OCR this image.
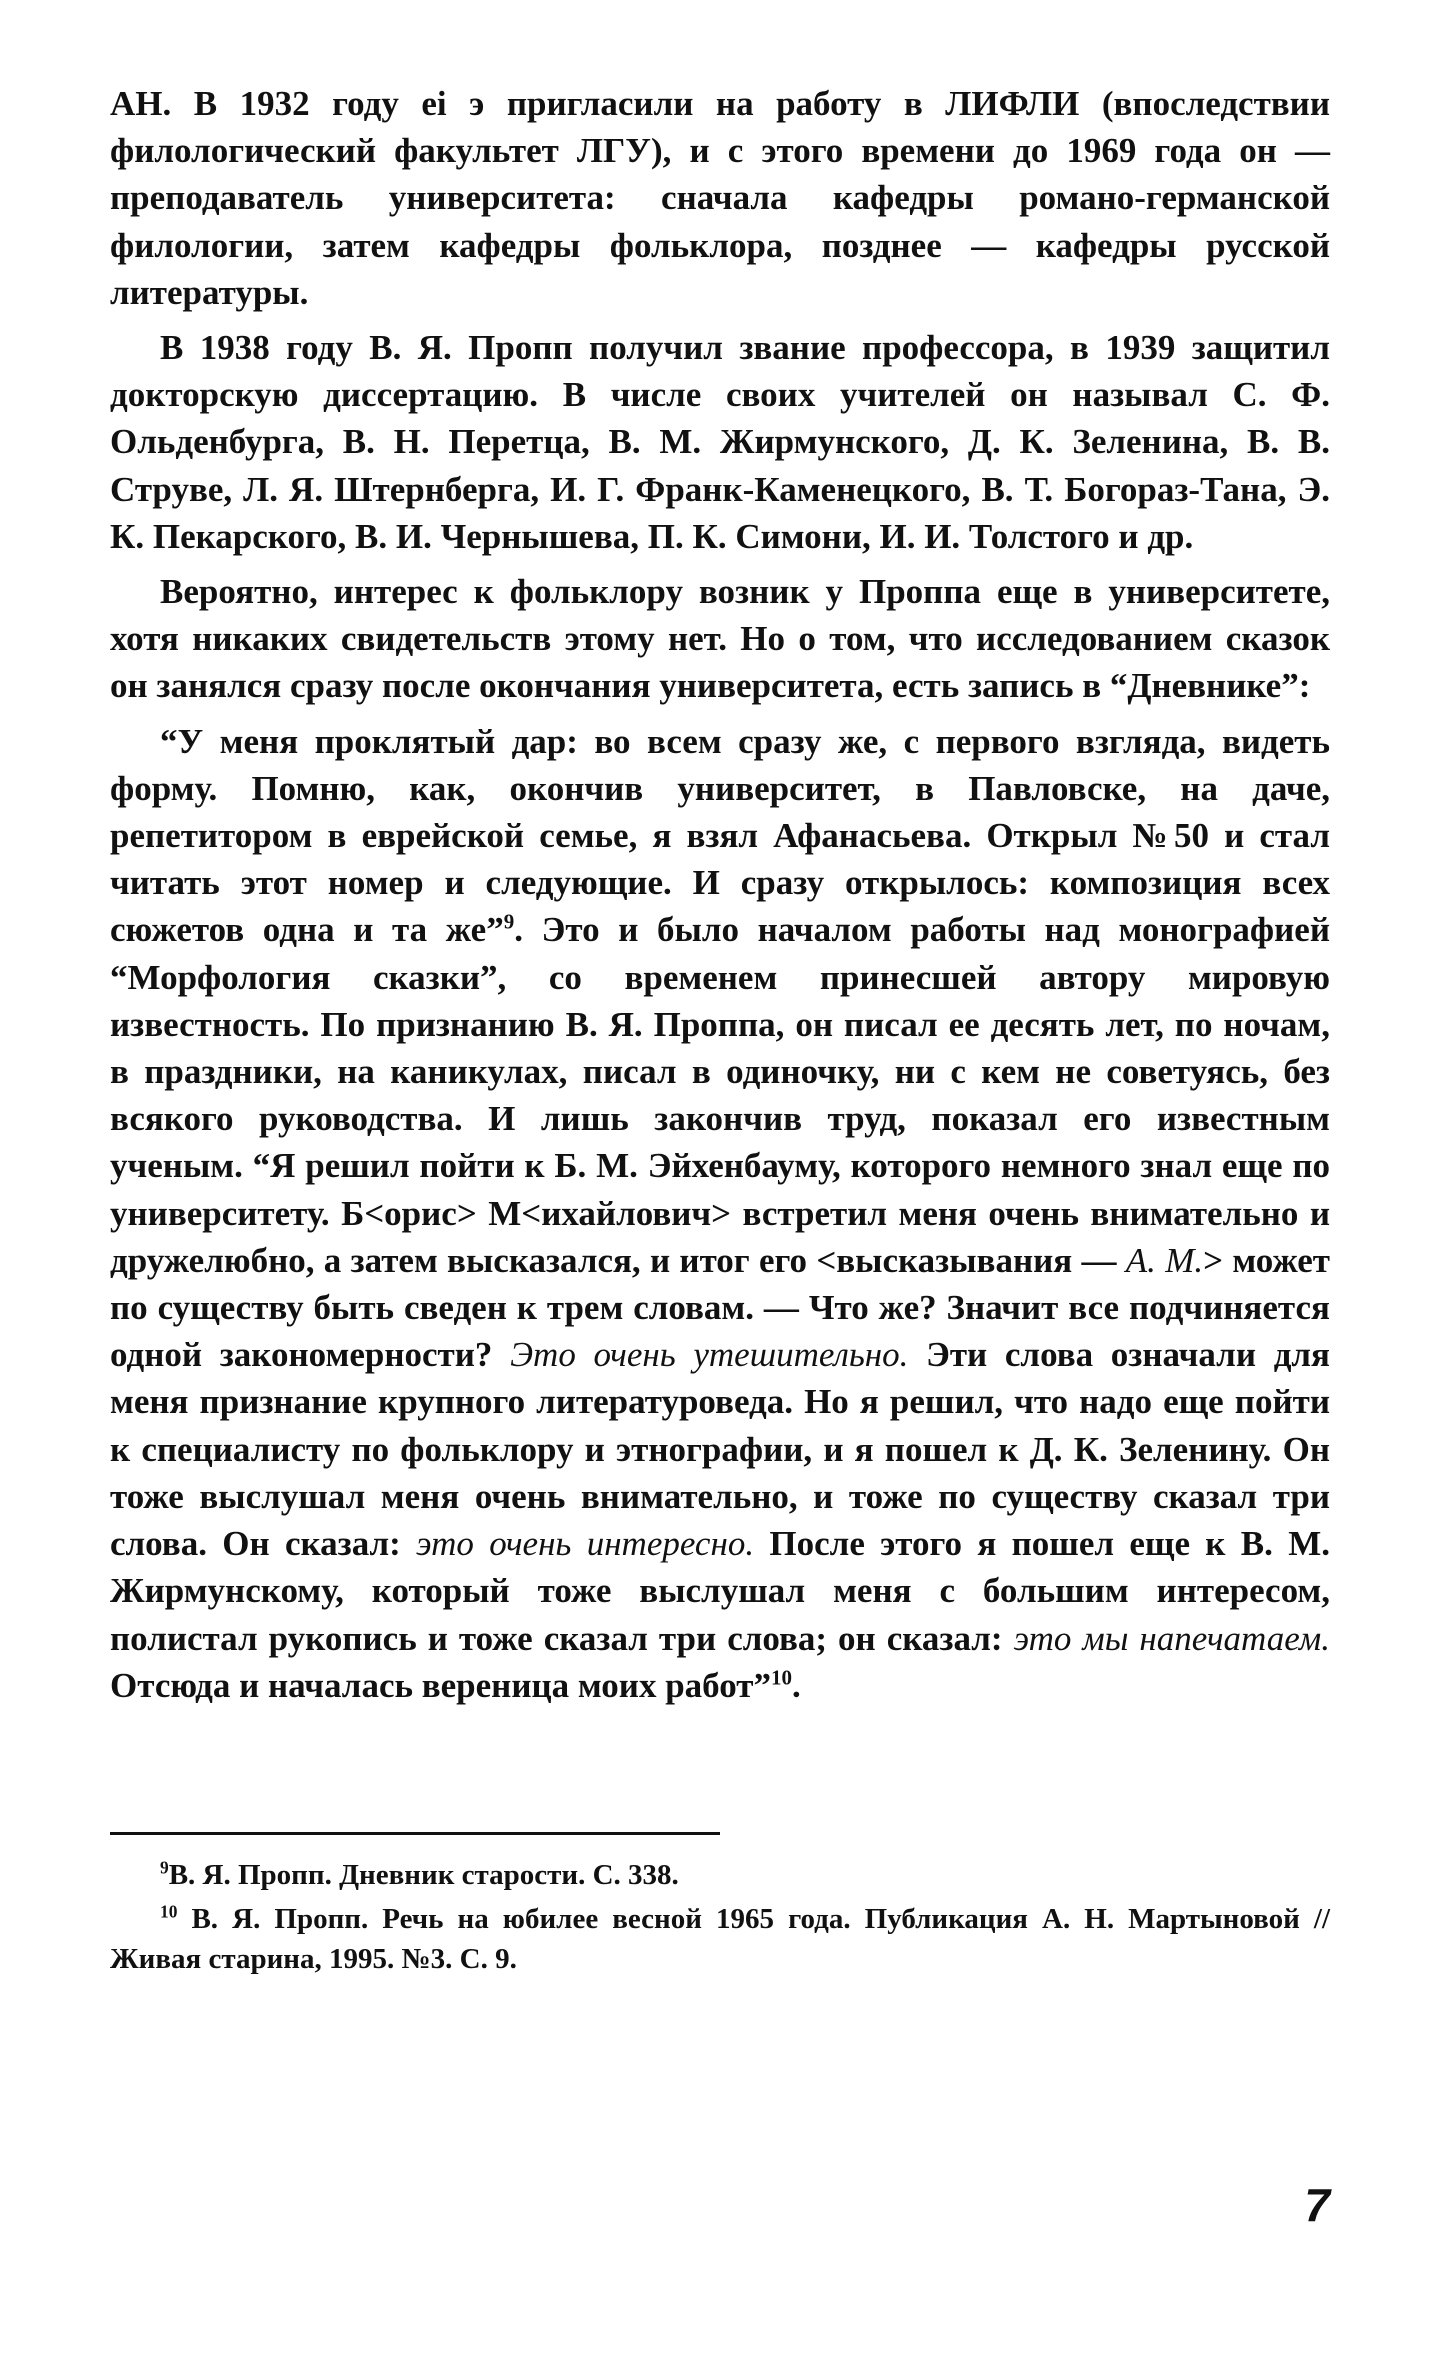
АН. В 1932 году еі э пригласили на работу в ЛИФЛИ (впоследствии филологический факультет ЛГУ), и с этого времени до 1969 года он — преподаватель университета: сначала кафедры романо-германской филологии, затем кафедры фольклора, позднее — кафедры русской литературы.

В 1938 году В. Я. Пропп получил звание профессора, в 1939 защитил докторскую диссертацию. В числе своих учителей он называл С. Ф. Ольденбурга, В. Н. Перетца, В. М. Жирмунского, Д. К. Зеленина, В. В. Струве, Л. Я. Штернберга, И. Г. Франк-Каменецкого, В. Т. Богораз-Тана, Э. К. Пекарского, В. И. Чернышева, П. К. Симони, И. И. Толстого и др.

Вероятно, интерес к фольклору возник у Проппа еще в университете, хотя никаких свидетельств этому нет. Но о том, что исследованием сказок он занялся сразу после окончания университета, есть запись в “Дневнике”:

“У меня проклятый дар: во всем сразу же, с первого взгляда, видеть форму. Помню, как, окончив университет, в Павловске, на даче, репетитором в еврейской семье, я взял Афанасьева. Открыл №50 и стал читать этот номер и следующие. И сразу открылось: композиция всех сюжетов одна и та же”$^9$. Это и было началом работы над монографией “Морфология сказки”, со временем принесшей автору мировую известность. По признанию В. Я. Проппа, он писал ее десять лет, по ночам, в праздники, на каникулах, писал в одиночку, ни с кем не советуясь, без всякого руководства. И лишь закончив труд, показал его известным ученым. “Я решил пойти к Б. М. Эйхенбауму, которого немного знал еще по университету. Б<орис> М<ихайлович> встретил меня очень внимательно и дружелюбно, а затем высказался, и итог его <высказывания — А. М.> может по существу быть сведен к трем словам. — Что же? Значит все подчиняется одной закономерности? Это очень утешительно. Эти слова означали для меня признание крупного литературоведа. Но я решил, что надо еще пойти к специалисту по фольклору и этнографии, и я пошел к Д. К. Зеленину. Он тоже выслушал меня очень внимательно, и тоже по существу сказал три слова. Он сказал: это очень интересно. После этого я пошел еще к В. М. Жирмунскому, который тоже выслушал меня с большим интересом, полистал рукопись и тоже сказал три слова; он сказал: это мы напечатаем. Отсюда и началась вереница моих работ”$^{10}$.

$^9$В. Я. Пропп. Дневник старости. С. 338.

$^{10}$ В. Я. Пропп. Речь на юбилее весной 1965 года. Публикация А. Н. Мартыновой // Живая старина, 1995. №3. С. 9.

7
